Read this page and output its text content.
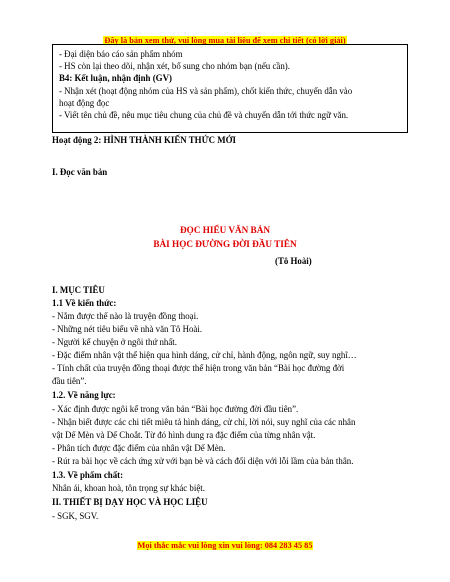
Đây là bản xem thử, vui lòng mua tài liệu để xem chi tiết (có lời giải)
- Đại diện báo cáo sản phẩm nhóm
- HS còn lại theo dõi, nhận xét, bổ sung cho nhóm bạn (nếu cần).
B4: Kết luận, nhận định (GV)
- Nhận xét (hoạt động nhóm của HS và sản phẩm), chốt kiến thức, chuyển dẫn vào
hoạt động đọc
- Viết tên chủ đề, nêu mục tiêu chung của chủ đề và chuyển dẫn tới thức ngữ văn.
Hoạt động 2: HÌNH THÀNH KIẾN THỨC MỚI
I. Đọc văn bản
ĐỌC HIỂU VĂN BẢN
BÀI HỌC ĐƯỜNG ĐỜI ĐẦU TIÊN
(Tô Hoài)
I. MỤC TIÊU
1.1 Về kiến thức:
- Nắm được thế nào là truyện đồng thoại.
- Những nét tiêu biểu về nhà văn Tô Hoài.
- Người kể chuyện ở ngôi thứ nhất.
- Đặc điểm nhân vật thể hiện qua hình dáng, cử chỉ, hành động, ngôn ngữ, suy nghĩ…
- Tính chất của truyện đồng thoại được thể hiện trong văn bản “Bài học đường đời
đầu tiên”.
1.2. Về năng lực:
- Xác định được ngôi kể trong văn bản “Bài học đường đời đầu tiên”.
- Nhận biết được các chi tiết miêu tả hình dáng, cử chỉ, lời nói, suy nghĩ của các nhân
vật Dế Mèn và Dế Choắt. Từ đó hình dung ra đặc điểm của từng nhân vật.
- Phân tích được đặc điểm của nhân vật Dế Mèn.
- Rút ra bài học về cách ứng xử với bạn bè và cách đối diện với lỗi lầm của bản thân.
1.3. Về phẩm chất:
Nhân ái, khoan hoà, tôn trọng sự khác biệt.
II. THIẾT BỊ DẠY HỌC VÀ HỌC LIỆU
- SGK, SGV.
Mọi thắc mắc vui lòng xin vui lòng: 084 283 45 85
